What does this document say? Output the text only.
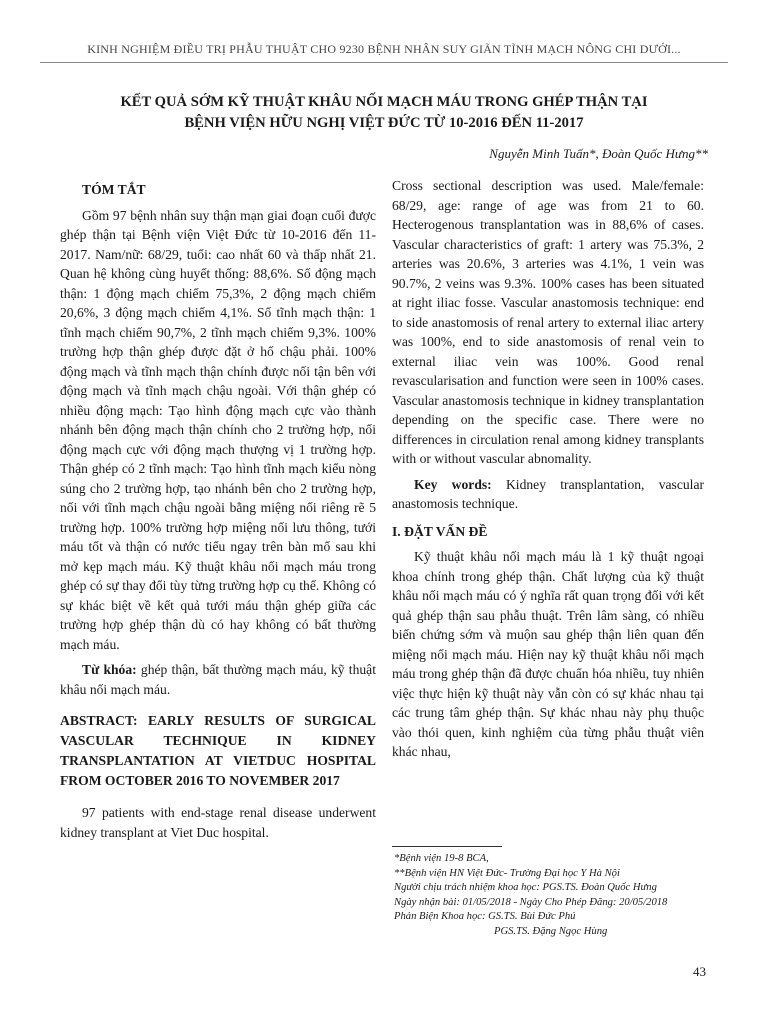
KINH NGHIỆM ĐIỀU TRỊ PHẪU THUẬT CHO 9230 BỆNH NHÂN SUY GIÃN TĨNH MẠCH NÔNG CHI DƯỚI...
KẾT QUẢ SỚM KỸ THUẬT KHÂU NỐI MẠCH MÁU TRONG GHÉP THẬN TẠI
BỆNH VIỆN HỮU NGHỊ VIỆT ĐỨC TỪ 10-2016 ĐẾN 11-2017
Nguyễn Minh Tuấn*, Đoàn Quốc Hưng**
TÓM TẮT

Gồm 97 bệnh nhân suy thận mạn giai đoạn cuối được ghép thận tại Bệnh viện Việt Đức từ 10-2016 đến 11-2017. Nam/nữ: 68/29, tuổi: cao nhất 60 và thấp nhất 21. Quan hệ không cùng huyết thống: 88,6%. Số động mạch thận: 1 động mạch chiếm 75,3%, 2 động mạch chiếm 20,6%, 3 động mạch chiếm 4,1%. Số tĩnh mạch thận: 1 tĩnh mạch chiếm 90,7%, 2 tĩnh mạch chiếm 9,3%. 100% trường hợp thận ghép được đặt ở hố chậu phải. 100% động mạch và tĩnh mạch thận chính được nối tận bên với động mạch và tĩnh mạch chậu ngoài. Với thận ghép có nhiều động mạch: Tạo hình động mạch cực vào thành nhánh bên động mạch thận chính cho 2 trường hợp, nối động mạch cực với động mạch thượng vị 1 trường hợp. Thận ghép có 2 tĩnh mạch: Tạo hình tĩnh mạch kiểu nòng súng cho 2 trường hợp, tạo nhánh bên cho 2 trường hợp, nối với tĩnh mạch chậu ngoài bằng miệng nối riêng rẽ 5 trường hợp. 100% trường hợp miệng nối lưu thông, tưới máu tốt và thận có nước tiểu ngay trên bàn mổ sau khi mở kẹp mạch máu. Kỹ thuật khâu nối mạch máu trong ghép có sự thay đổi tùy từng trường hợp cụ thể. Không có sự khác biệt về kết quả tưới máu thận ghép giữa các trường hợp ghép thận dù có hay không có bất thường mạch máu.

Từ khóa: ghép thận, bất thường mạch máu, kỹ thuật khâu nối mạch máu.

ABSTRACT: EARLY RESULTS OF SURGICAL VASCULAR TECHNIQUE IN KIDNEY TRANSPLANTATION AT VIETDUC HOSPITAL FROM OCTOBER 2016 TO NOVEMBER 2017

97 patients with end-stage renal disease underwent kidney transplant at Viet Duc hospital.

Cross sectional description was used. Male/female: 68/29, age: range of age was from 21 to 60. Hecterogenous transplantation was in 88,6% of cases. Vascular characteristics of graft: 1 artery was 75.3%, 2 arteries was 20.6%, 3 arteries was 4.1%, 1 vein was 90.7%, 2 veins was 9.3%. 100% cases has been situated at right iliac fosse. Vascular anastomosis technique: end to side anastomosis of renal artery to external iliac artery was 100%, end to side anastomosis of renal vein to external iliac vein was 100%. Good renal revascularisation and function were seen in 100% cases. Vascular anastomosis technique in kidney transplantation depending on the specific case. There were no differences in circulation renal among kidney transplants with or without vascular abnomality.

Key words: Kidney transplantation, vascular anastomosis technique.

I. ĐẶT VẤN ĐỀ

Kỹ thuật khâu nối mạch máu là 1 kỹ thuật ngoại khoa chính trong ghép thận. Chất lượng của kỹ thuật khâu nối mạch máu có ý nghĩa rất quan trọng đối với kết quả ghép thận sau phẫu thuật. Trên lâm sàng, có nhiều biến chứng sớm và muộn sau ghép thận liên quan đến miệng nối mạch máu. Hiện nay kỹ thuật khâu nối mạch máu trong ghép thận đã được chuẩn hóa nhiều, tuy nhiên việc thực hiện kỹ thuật này vẫn còn có sự khác nhau tại các trung tâm ghép thận. Sự khác nhau này phụ thuộc vào thói quen, kinh nghiệm của từng phẫu thuật viên khác nhau,

*Bệnh viện 19-8 BCA,
**Bệnh viện HN Việt Đức- Trường Đại học Y Hà Nội
Người chịu trách nhiệm khoa học: PGS.TS. Đoàn Quốc Hưng
Ngày nhận bài: 01/05/2018 - Ngày Cho Phép Đăng: 20/05/2018
Phản Biện Khoa học: GS.TS. Bùi Đức Phú
PGS.TS. Đặng Ngọc Hùng
43
